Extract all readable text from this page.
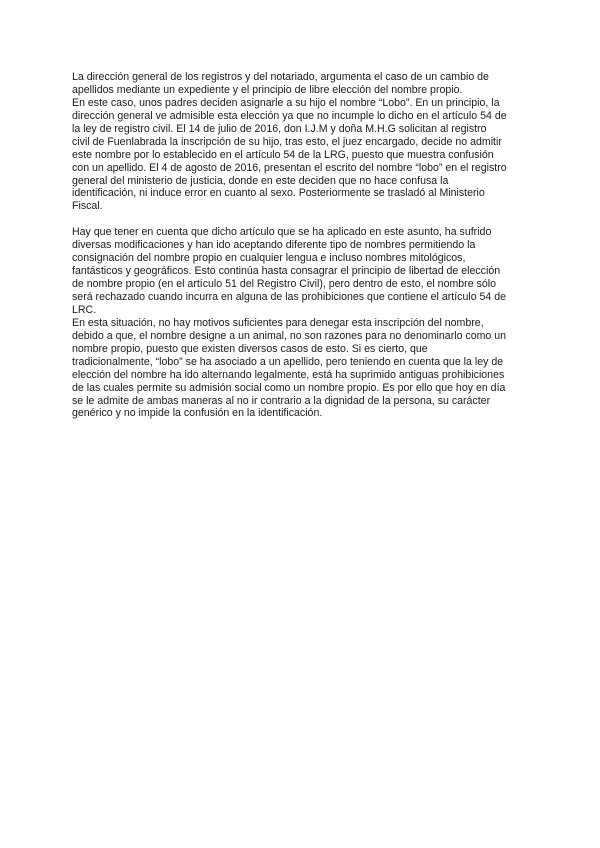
La dirección general de los registros y del notariado, argumenta el caso de un cambio de
apellidos mediante un expediente y el principio de libre elección del nombre propio.
En este caso, unos padres deciden asignarle a su hijo el nombre “Lobo”. En un principio, la
dirección general ve admisible esta elección ya que no incumple lo dicho en el artículo 54 de
la ley de registro civil. El 14 de julio de 2016, don I.J.M y doña M.H.G solicitan al registro
civil de Fuenlabrada la inscripción de su hijo, tras esto, el juez encargado, decide no admitir
este nombre por lo establecido en el artículo 54 de la LRG, puesto que muestra confusión
con un apellido. El 4 de agosto de 2016, presentan el escrito del nombre “lobo” en el registro
general del ministerio de justicia, donde en este deciden que no hace confusa la
identificación, ni induce error en cuanto al sexo. Posteriormente se trasladó al Ministerio
Fiscal.
Hay que tener en cuenta que dicho artículo que se ha aplicado en este asunto, ha sufrido
diversas modificaciones y han ido aceptando diferente tipo de nombres permitiendo la
consignación del nombre propio en cualquier lengua e incluso nombres mitológicos,
fantásticos y geográficos. Esto continúa hasta consagrar el principio de libertad de elección
de nombre propio (en el artículo 51 del Registro Civil), pero dentro de esto, el nombre sólo
será rechazado cuando incurra en alguna de las prohibiciones que contiene el artículo 54 de
LRC.
En esta situación, no hay motivos suficientes para denegar esta inscripción del nombre,
debido a que, el nombre designe a un animal, no son razones para no denominarlo como un
nombre propio, puesto que existen diversos casos de esto. Si es cierto, que
tradicionalmente, “lobo” se ha asociado a un apellido, pero teniendo en cuenta que la ley de
elección del nombre ha ido alternando legalmente, está ha suprimido antiguas prohibiciones
de las cuales permite su admisión social como un nombre propio. Es por ello que hoy en día
se le admite de ambas maneras al no ir contrario a la dignidad de la persona, su carácter
genérico y no impide la confusión en la identificación.
